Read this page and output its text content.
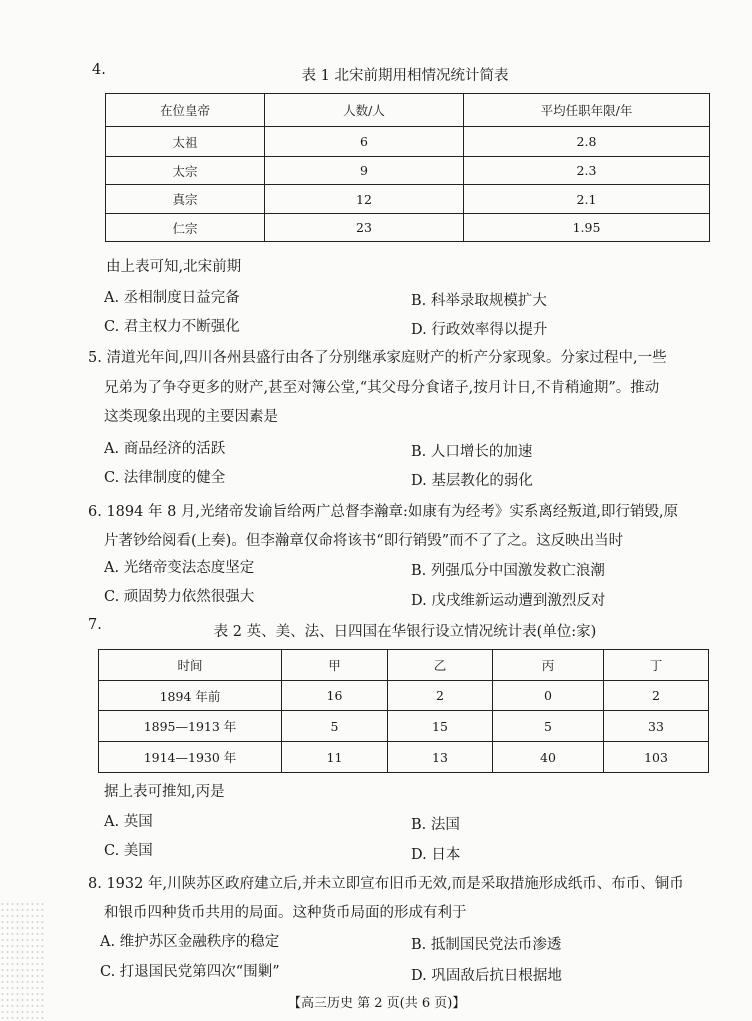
4.	表 1 北宋前期用相情况统计简表
在位皇帝	人数/人	平均任职年限/年
太祖	6	2.8
太宗	9	2.3
真宗	12	2.1
仁宗	23	1.95
由上表可知,北宋前期
A. 丞相制度日益完备	B. 科举录取规模扩大
C. 君主权力不断强化	D. 行政效率得以提升
5. 清道光年间,四川各州县盛行由各了分别继承家庭财产的析产分家现象。分家过程中,一些
兄弟为了争夺更多的财产,甚至对簿公堂,“其父母分食诸子,按月计日,不肯稍逾期”。推动
这类现象出现的主要因素是
A. 商品经济的活跃	B. 人口增长的加速
C. 法律制度的健全	D. 基层教化的弱化
6. 1894 年 8 月,光绪帝发谕旨给两广总督李瀚章:如康有为经考》实系离经叛道,即行销毁,原
片著钞给阅看(上奏)。但李瀚章仅命将该书“即行销毁”而不了了之。这反映出当时
A. 光绪帝变法态度坚定	B. 列强瓜分中国激发救亡浪潮
C. 顽固势力依然很强大	D. 戊戌维新运动遭到激烈反对
7.	表 2 英、美、法、日四国在华银行设立情况统计表(单位:家)
时间	甲	乙	丙	丁
1894 年前	16	2	0	2
1895—1913 年	5	15	5	33
1914—1930 年	11	13	40	103
据上表可推知,丙是
A. 英国	B. 法国
C. 美国	D. 日本
8. 1932 年,川陕苏区政府建立后,并未立即宣布旧币无效,而是采取措施形成纸币、布币、铜币
和银币四种货币共用的局面。这种货币局面的形成有利于
A. 维护苏区金融秩序的稳定	B. 抵制国民党法币渗透
C. 打退国民党第四次“围剿”	D. 巩固敌后抗日根据地
【高三历史 第 2 页(共 6 页)】
